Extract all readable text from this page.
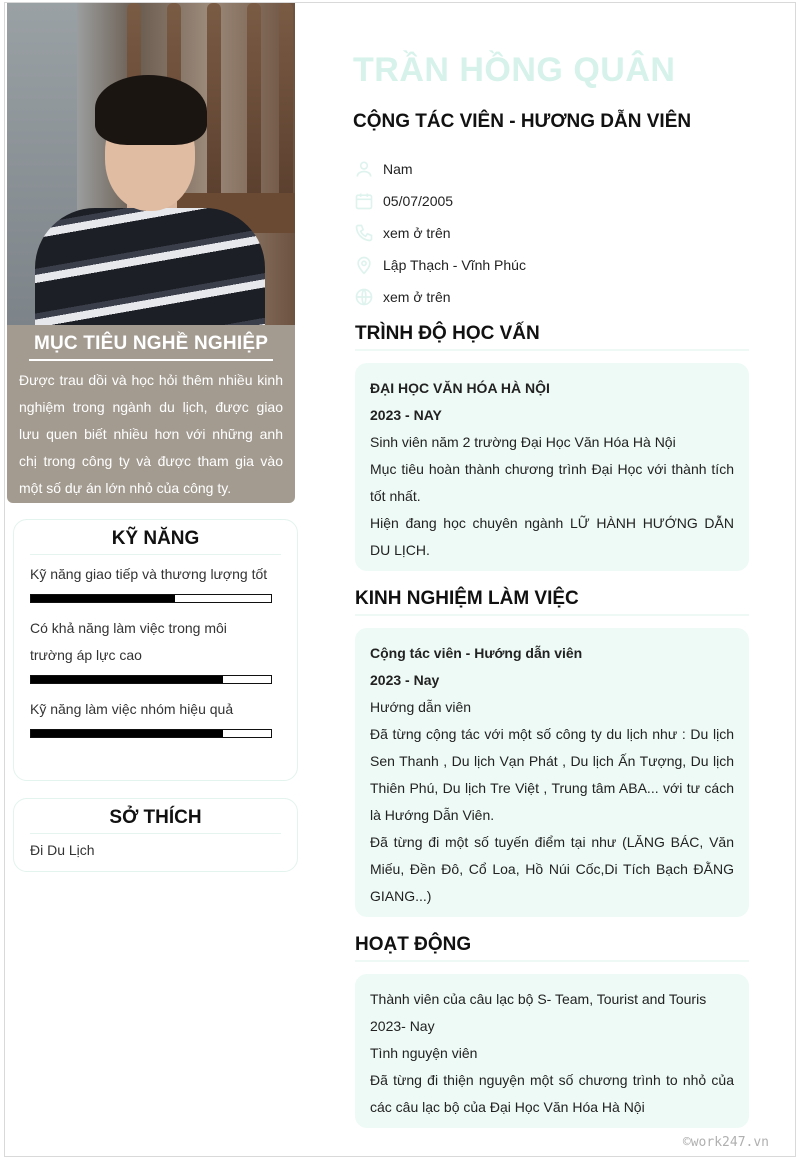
MỤC TIÊU NGHỀ NGHIỆP

Được trau dồi và học hỏi thêm nhiều kinh nghiệm trong ngành du lịch, được giao lưu quen biết nhiều hơn với những anh chị trong công ty và được tham gia vào một số dự án lớn nhỏ của công ty.

KỸ NĂNG
Kỹ năng giao tiếp và thương lượng tốt
Có khả năng làm việc trong môi trường áp lực cao
Kỹ năng làm việc nhóm hiệu quả
SỞ THÍCH
Đi Du Lịch
TRẦN HỒNG QUÂN
CỘNG TÁC VIÊN - HƯƠNG DẪN VIÊN
Nam
05/07/2005
xem ở trên
Lập Thạch - Vĩnh Phúc
xem ở trên
TRÌNH ĐỘ HỌC VẤN
ĐẠI HỌC VĂN HÓA HÀ NỘI
2023 - NAY
Sinh viên năm 2 trường Đại Học Văn Hóa Hà Nội
Mục tiêu hoàn thành chương trình Đại Học với thành tích tốt nhất.
Hiện đang học chuyên ngành LỮ HÀNH HƯỚNG DẪN DU LỊCH.
KINH NGHIỆM LÀM VIỆC
Cộng tác viên - Hướng dẫn viên
2023 - Nay
Hướng dẫn viên
Đã từng cộng tác với một số công ty du lịch như : Du lịch Sen Thanh , Du lịch Vạn Phát , Du lịch Ấn Tượng, Du lịch Thiên Phú, Du lịch Tre Việt , Trung tâm ABA... với tư cách là Hướng Dẫn Viên.
Đã từng đi một số tuyến điểm tại như (LĂNG BÁC, Văn Miếu, Đền Đô, Cổ Loa, Hồ Núi Cốc,Di Tích Bạch ĐẰNG GIANG...)
HOẠT ĐỘNG
Thành viên của câu lạc bộ S- Team, Tourist and Touris
2023- Nay
Tình nguyện viên
Đã từng đi thiện nguyện một số chương trình to nhỏ của các câu lạc bộ của Đại Học Văn Hóa Hà Nội
©work247.vn
